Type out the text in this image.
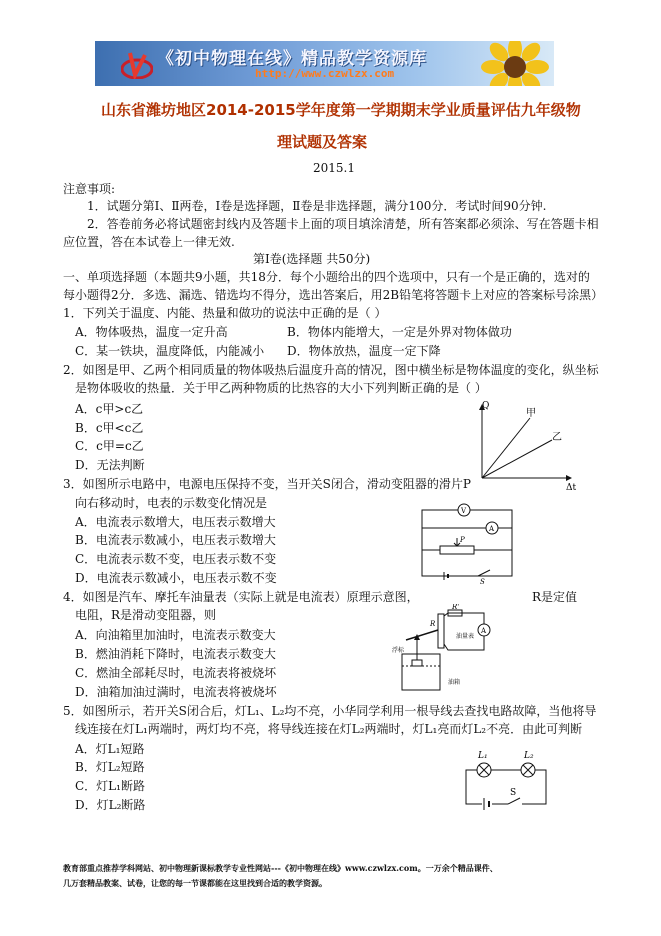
《初中物理在线》精品教学资源库
http://www.czwlzx.com
山东省潍坊地区2014-2015学年度第一学期期末学业质量评估九年级物
理试题及答案
2015.1
注意事项:
1．试题分第Ⅰ、Ⅱ两卷，Ⅰ卷是选择题，Ⅱ卷是非选择题，满分100分．考试时间90分钟.
2．答卷前务必将试题密封线内及答题卡上面的项目填涂清楚，所有答案都必须涂、写在答题卡相
应位置，答在本试卷上一律无效.
第Ⅰ卷(选择题 共50分)
一、单项选择题（本题共9小题，共18分．每个小题给出的四个选项中，只有一个是正确的，选对的
每小题得2分．多选、漏选、错选均不得分，选出答案后，用2B铅笔将答题卡上对应的答案标号涂黑）
1．下列关于温度、内能、热量和做功的说法中正确的是（ ）
A．物体吸热，温度一定升高	B．物体内能增大，一定是外界对物体做功
C．某一铁块，温度降低，内能减小 D．物体放热，温度一定下降
2．如图是甲、乙两个相同质量的物体吸热后温度升高的情况，图中横坐标是物体温度的变化，纵坐标
是物体吸收的热量．关于甲乙两种物质的比热容的大小下列判断正确的是（ ）
A．c甲>c乙
B．c甲<c乙
C．c甲=c乙
D．无法判断
Q
Δt
甲
乙
3．如图所示电路中，电源电压保持不变，当开关S闭合，滑动变阻器的滑片P
向右移动时，电表的示数变化情况是
A．电流表示数增大，电压表示数增大
B．电流表示数减小，电压表示数增大
C．电流表示数不变，电压表示数不变
D．电流表示数减小，电压表示数不变
V
A
P
S
4．如图是汽车、摩托车油量表（实际上就是电流表）原理示意图，	R是定值
电阻，R是滑动变阻器，则
A．向油箱里加油时，电流表示数变大
B．燃油消耗下降时，电流表示数变大
C．燃油全部耗尽时，电流表将被烧坏
D．油箱加油过满时，电流表将被烧坏
A
R'
R
油量表
浮标
油箱
5．如图所示，若开关S闭合后，灯L₁、L₂均不亮，小华同学利用一根导线去查找电路故障，当他将导
线连接在灯L₁两端时，两灯均不亮，将导线连接在灯L₂两端时，灯L₁亮而灯L₂不亮．由此可判断
A．灯L₁短路
B．灯L₂短路
C．灯L₁断路
D．灯L₂断路
L₁	L₂
S
教育部重点推荐学科网站、初中物理新课标教学专业性网站---《初中物理在线》www.czwlzx.com。一万余个精品课件、
几万套精品教案、试卷，让您的每一节课都能在这里找到合适的教学资源。
